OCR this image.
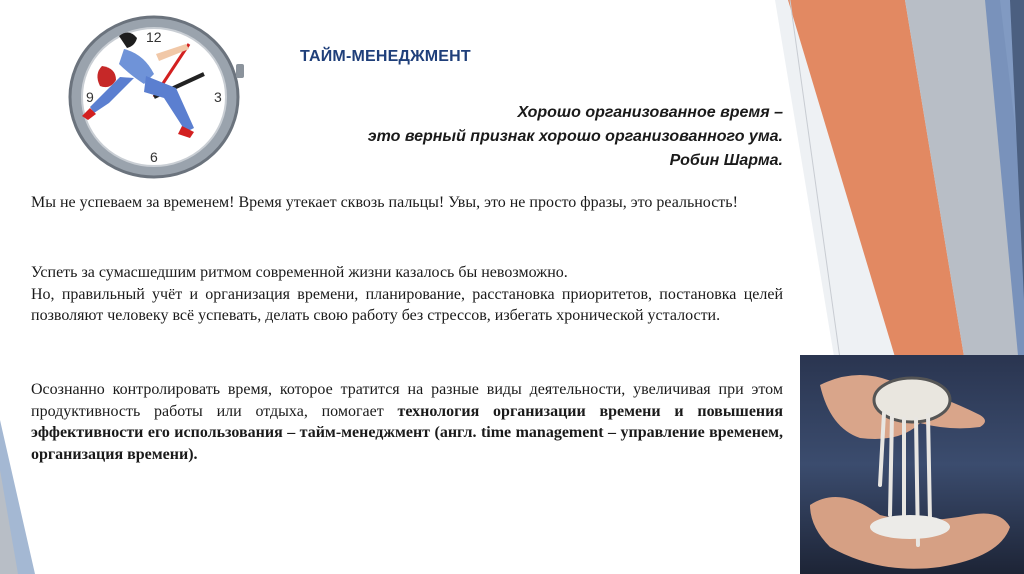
12
3
6
9
ТАЙМ-МЕНЕДЖМЕНТ
Хорошо организованное время –
это верный признак хорошо организованного ума.
Робин Шарма.
Мы не успеваем за временем! Время утекает сквозь пальцы! Увы, это не просто фразы, это реальность!
Успеть за сумасшедшим ритмом современной жизни казалось бы невозможно.
Но, правильный учёт и организация времени, планирование, расстановка приоритетов, постановка целей позволяют человеку всё успевать, делать свою работу без стрессов, избегать хронической усталости.
Осознанно контролировать время, которое тратится на разные виды деятельности, увеличивая при этом продуктивность работы или отдыха, помогает технология организации времени и повышения эффективности его использования – тайм-менеджмент (англ. time management – управление временем, организация времени).
